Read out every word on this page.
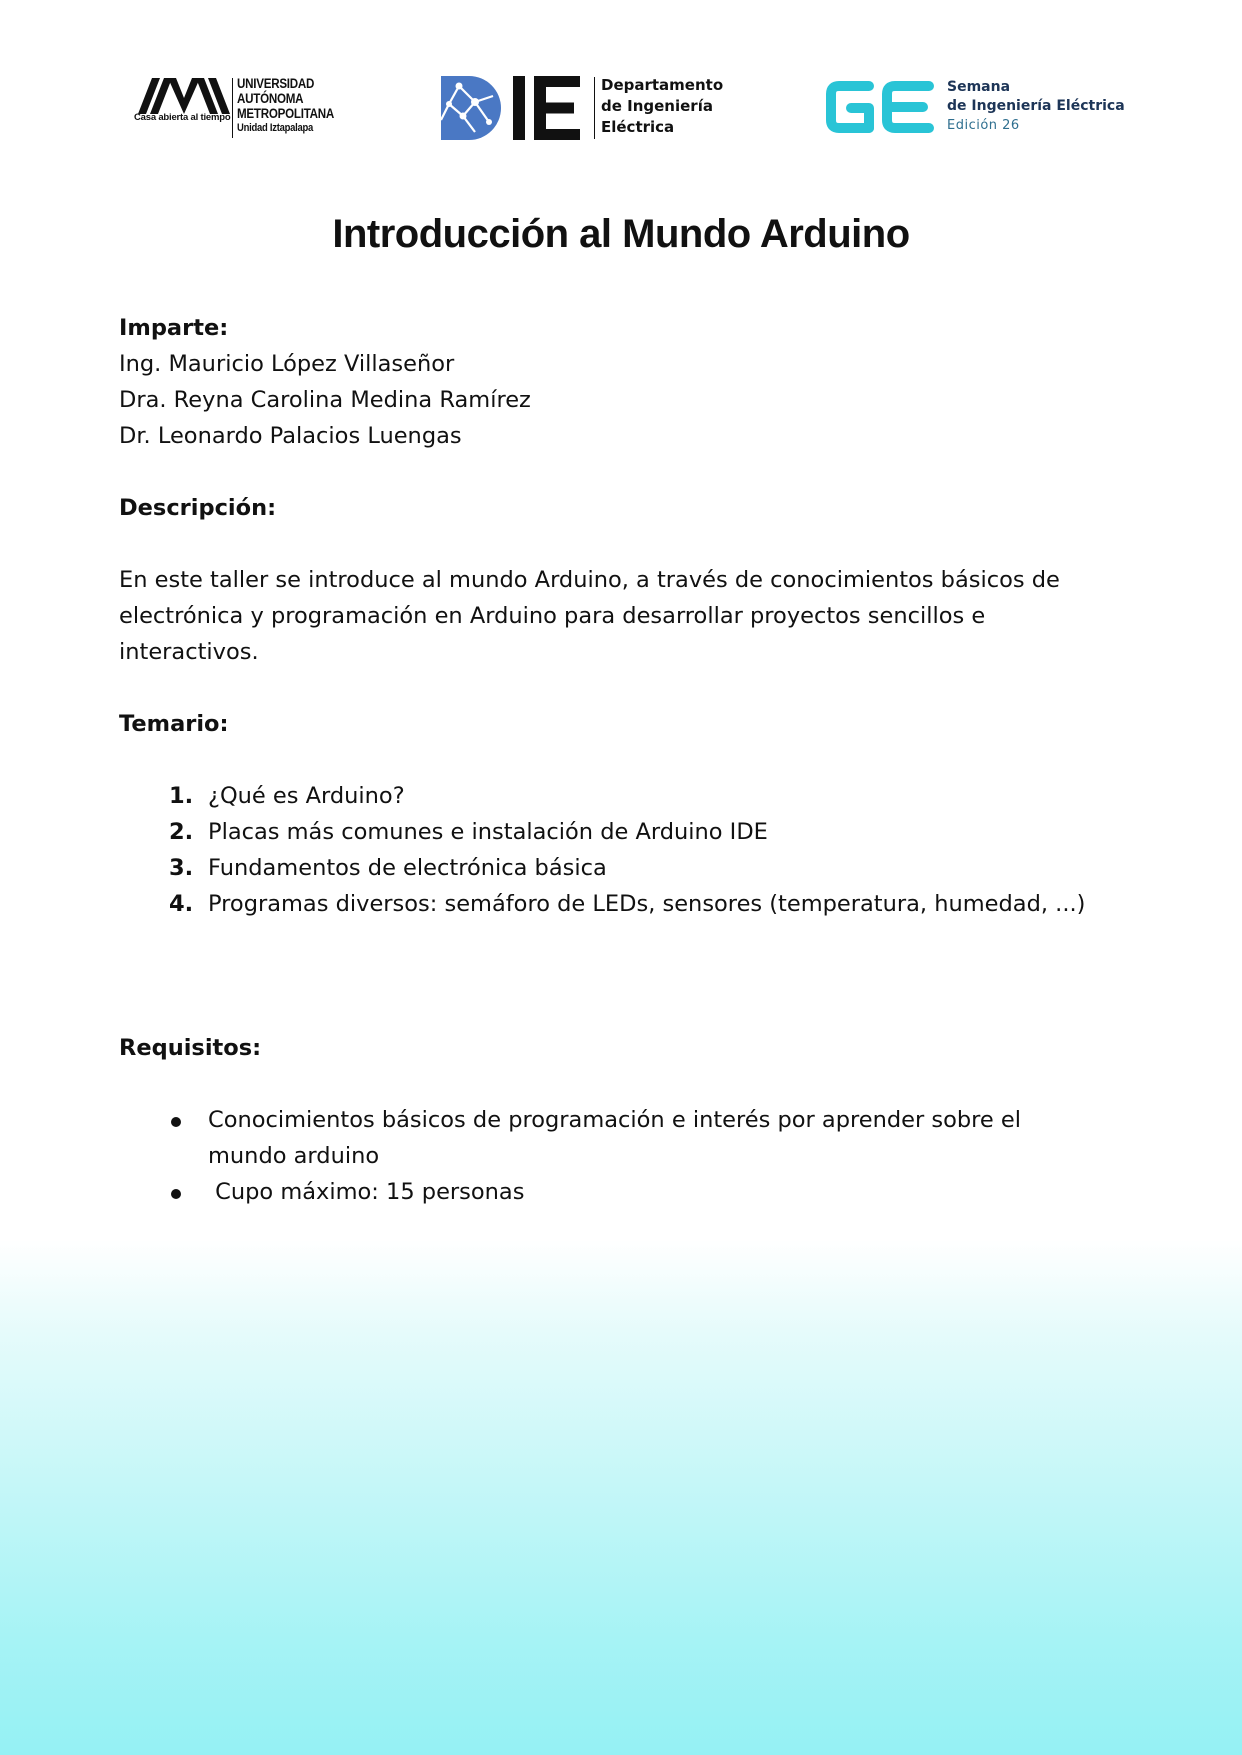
Casa abierta al tiempo
UNIVERSIDAD
AUTÓNOMA
METROPOLITANA
Unidad Iztapalapa
Departamento
de Ingeniería
Eléctrica
Semana
de Ingeniería Eléctrica
Edición 26
Introducción al Mundo Arduino

Imparte:

Ing. Mauricio López Villaseñor

Dra. Reyna Carolina Medina Ramírez

Dr. Leonardo Palacios Luengas

Descripción:

En este taller se introduce al mundo Arduino, a través de conocimientos básicos de

electrónica y programación en Arduino para desarrollar proyectos sencillos e

interactivos.

Temario:

1. ¿Qué es Arduino?
2. Placas más comunes e instalación de Arduino IDE
3. Fundamentos de electrónica básica
4. Programas diversos: semáforo de LEDs, sensores (temperatura, humedad, ...)

Requisitos:

Conocimientos básicos de programación e interés por aprender sobre el
mundo arduino
Cupo máximo: 15 personas
